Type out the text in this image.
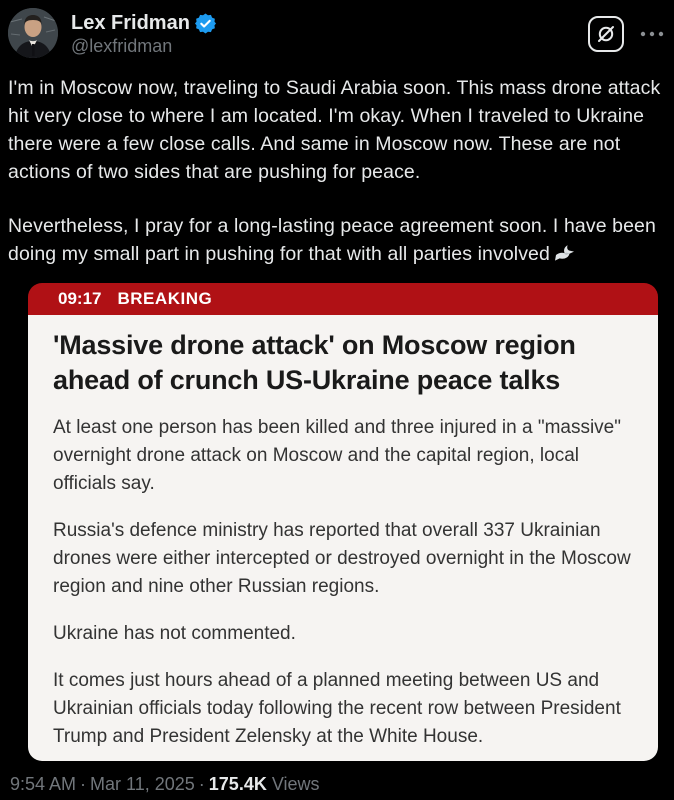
Lex Fridman
@lexfridman

I'm in Moscow now, traveling to Saudi Arabia soon. This mass drone attack hit very close to where I am located. I'm okay. When I traveled to Ukraine there were a few close calls. And same in Moscow now. These are not actions of two sides that are pushing for peace.

Nevertheless, I pray for a long-lasting peace agreement soon. I have been doing my small part in pushing for that with all parties involved

09:17 BREAKING
'Massive drone attack' on Moscow region ahead of crunch US-Ukraine peace talks

At least one person has been killed and three injured in a "massive" overnight drone attack on Moscow and the capital region, local officials say.

Russia's defence ministry has reported that overall 337 Ukrainian drones were either intercepted or destroyed overnight in the Moscow region and nine other Russian regions.

Ukraine has not commented.

It comes just hours ahead of a planned meeting between US and Ukrainian officials today following the recent row between President Trump and President Zelensky at the White House.

9:54 AM · Mar 11, 2025 · 175.4K Views
